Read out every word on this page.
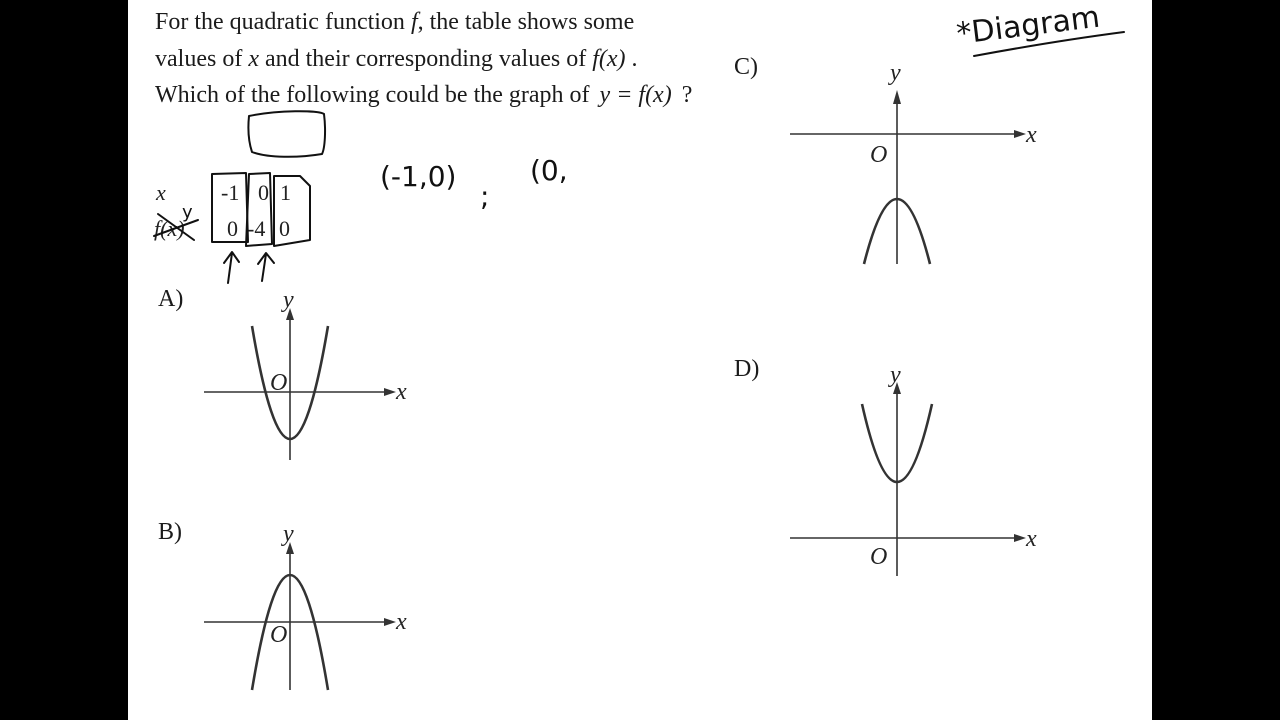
For the quadratic function f, the table shows some values of x and their corresponding values of f(x) . Which of the following could be the graph of y = f(x) ?

x
f(x)
-1 0 1
0 -4 0
A)
B)
C)
D)
x
y
O
x
y
O
x
y
O
x
y
O
y
(-1,0)
;
(0,
*Diagram
